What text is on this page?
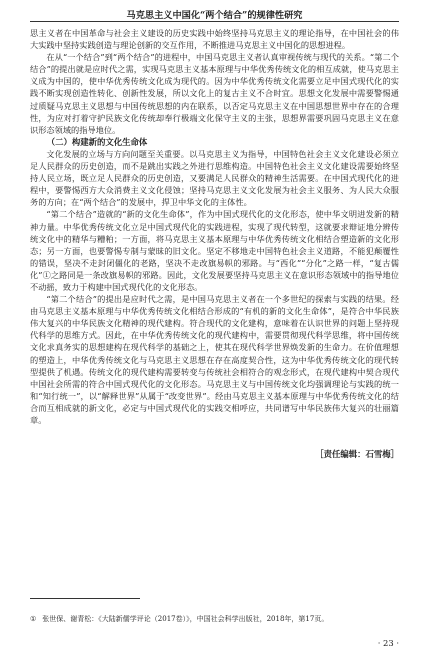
马克思主义中国化“两个结合”的规律性研究

思主义者在中国革命与社会主义建设的历史实践中始终坚持马克思主义的理论指导，在中国社会的伟大实践中坚持实践创造与理论创新的交互作用，不断推进马克思主义中国化的思想进程。

在从“一个结合”到“两个结合”的进程中，中国马克思主义者认真审视传统与现代的关系。“第二个结合”的提出就是应时代之需，实现马克思主义基本原理与中华优秀传统文化的相互成就，使马克思主义成为中国的，使中华优秀传统文化成为现代的。因为中华优秀传统文化需要立足中国式现代化的实践不断实现创造性转化、创新性发展，所以文化上的复古主义不合时宜。思想文化发展中需要警惕通过质疑马克思主义思想与中国传统思想的内在联系，以否定马克思主义在中国思想世界中存在的合理性，为应对打着守护民族文化传统却奉行极端文化保守主义的主张，思想界需要巩固马克思主义在意识形态领域的指导地位。

（二）构建新的文化生命体

文化发展的立场与方向问题至关重要。以马克思主义为指导，中国特色社会主义文化建设必须立足人民群众的历史创造，而不是跳出实践之外进行思维构造。中国特色社会主义文化建设需要始终坚持人民立场，既立足人民群众的历史创造，又要满足人民群众的精神生活需要。在中国式现代化的进程中，要警惕西方大众消费主义文化侵蚀；坚持马克思主义文化发展为社会主义服务、为人民大众服务的方向；在“两个结合”的发展中，捍卫中华文化的主体性。

“第二个结合”造就的“新的文化生命体”，作为中国式现代化的文化形态，使中华文明进发新的精神力量。中华优秀传统文化立足中国式现代化的实践进程，实现了现代转型，这就要求辩证地分辨传统文化中的精华与糟粕；一方面，将马克思主义基本原理与中华优秀传统文化相结合塑造新的文化形态；另一方面，也要警惕专制与蒙昧的旧文化。坚定不移地走中国特色社会主义道路，不能犯颠覆性的错误，坚决不走封闭僵化的老路，坚决不走改旗易帜的邪路。与“西化”“分化”之路一样，“复古儒化”①之路同是一条改旗易帜的邪路。因此，文化发展要坚持马克思主义在意识形态领域中的指导地位不动摇，致力于构建中国式现代化的文化形态。

“第二个结合”的提出是应时代之需，是中国马克思主义者在一个多世纪的探索与实践的结果。经由马克思主义基本原理与中华优秀传统文化相结合形成的“有机的新的文化生命体”，是符合中华民族伟大复兴的中华民族文化精神的现代建构。符合现代的文化建构，意味着在认识世界的问题上坚持现代科学的思维方式。因此，在中华优秀传统文化的现代建构中，需要贯彻现代科学思维，将中国传统文化求真务实的思想建构在现代科学的基础之上，使其在现代科学世界焕发新的生命力。在价值理想的塑造上，中华优秀传统文化与马克思主义思想在存在高度契合性，这为中华优秀传统文化的现代转型提供了机遇。传统文化的现代建构需要转变与传统社会相符合的观念形式，在现代建构中契合现代中国社会所需的符合中国式现代化的文化形态。马克思主义与中国传统文化均强调理论与实践的统一和“知行统一”，以“解释世界”从属于“改变世界”。经由马克思主义基本原理与中华优秀传统文化的结合而互相成就的新文化，必定与中国式现代化的实践交相呼应，共同谱写中华民族伟大复兴的壮丽篇章。

［责任编辑：石雪梅］
① 张世保、谢青松：《大陆新儒学评论（2017卷）》，中国社会科学出版社，2018年，第17页。
· 23 ·
